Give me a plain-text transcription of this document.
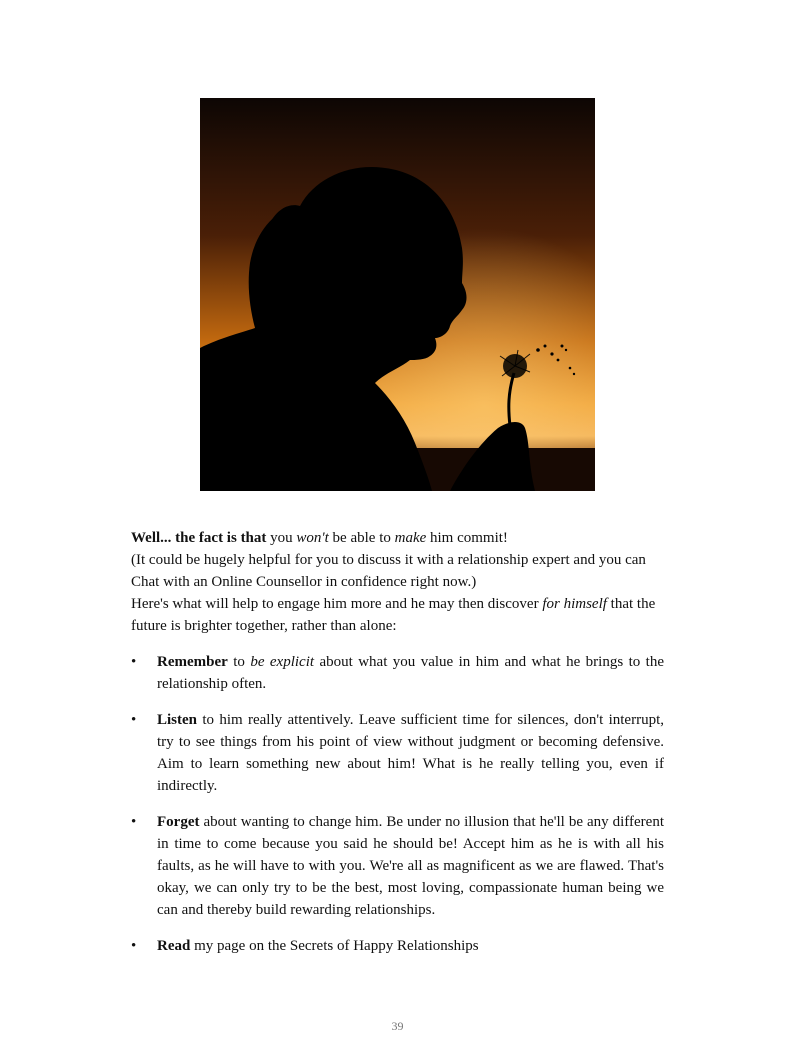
Well... the fact is that you won't be able to make him commit!

(It could be hugely helpful for you to discuss it with a relationship expert and you can Chat with an Online Counsellor in confidence right now.)

Here's what will help to engage him more and he may then discover for himself that the future is brighter together, rather than alone:

• Remember to be explicit about what you value in him and what he brings to the relationship often.
• Listen to him really attentively. Leave sufficient time for silences, don't interrupt, try to see things from his point of view without judgment or becoming defensive. Aim to learn something new about him! What is he really telling you, even if indirectly.
• Forget about wanting to change him. Be under no illusion that he'll be any different in time to come because you said he should be! Accept him as he is with all his faults, as he will have to with you. We're all as magnificent as we are flawed. That's okay, we can only try to be the best, most loving, compassionate human being we can and thereby build rewarding relationships.
• Read my page on the Secrets of Happy Relationships
39
